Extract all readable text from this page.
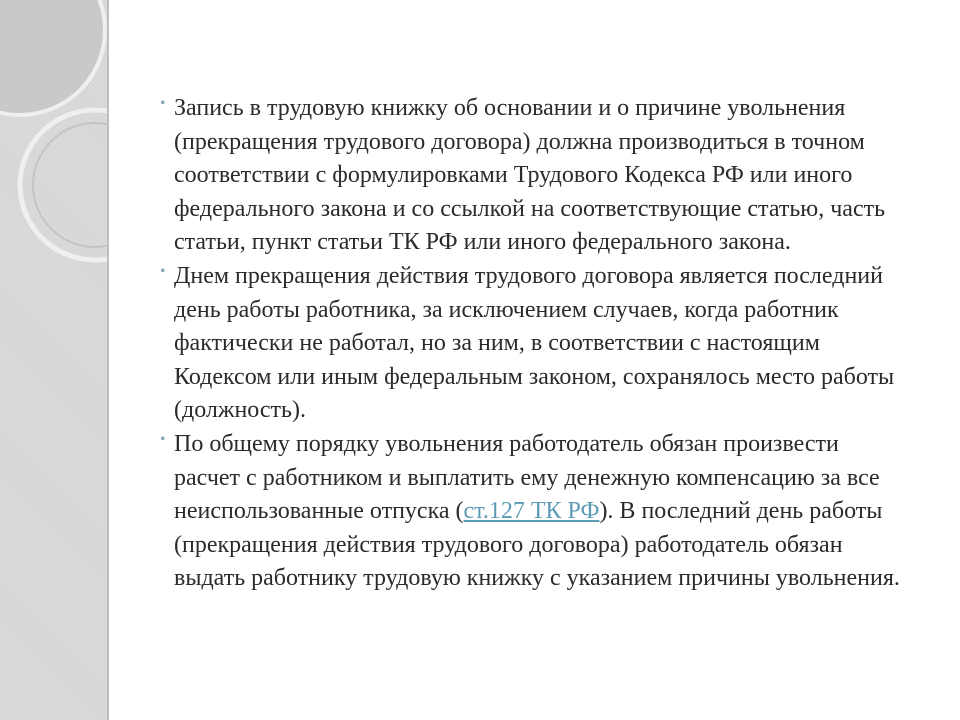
• Запись в трудовую книжку об основании и о причине увольнения (прекращения трудового договора) должна производиться в точном соответствии с формулировками Трудового Кодекса РФ или иного федерального закона и со ссылкой на соответствующие статью, часть статьи, пункт статьи ТК РФ или иного федерального закона.
• Днем прекращения действия трудового договора является последний день работы работника, за исключением случаев, когда работник фактически не работал, но за ним, в соответствии с настоящим Кодексом или иным федеральным законом, сохранялось место работы (должность).
• По общему порядку увольнения работодатель обязан произвести расчет с работником и выплатить ему денежную компенсацию за все неиспользованные отпуска (ст.127 ТК РФ). В последний день работы (прекращения действия трудового договора) работодатель обязан выдать работнику трудовую книжку с указанием причины увольнения.
